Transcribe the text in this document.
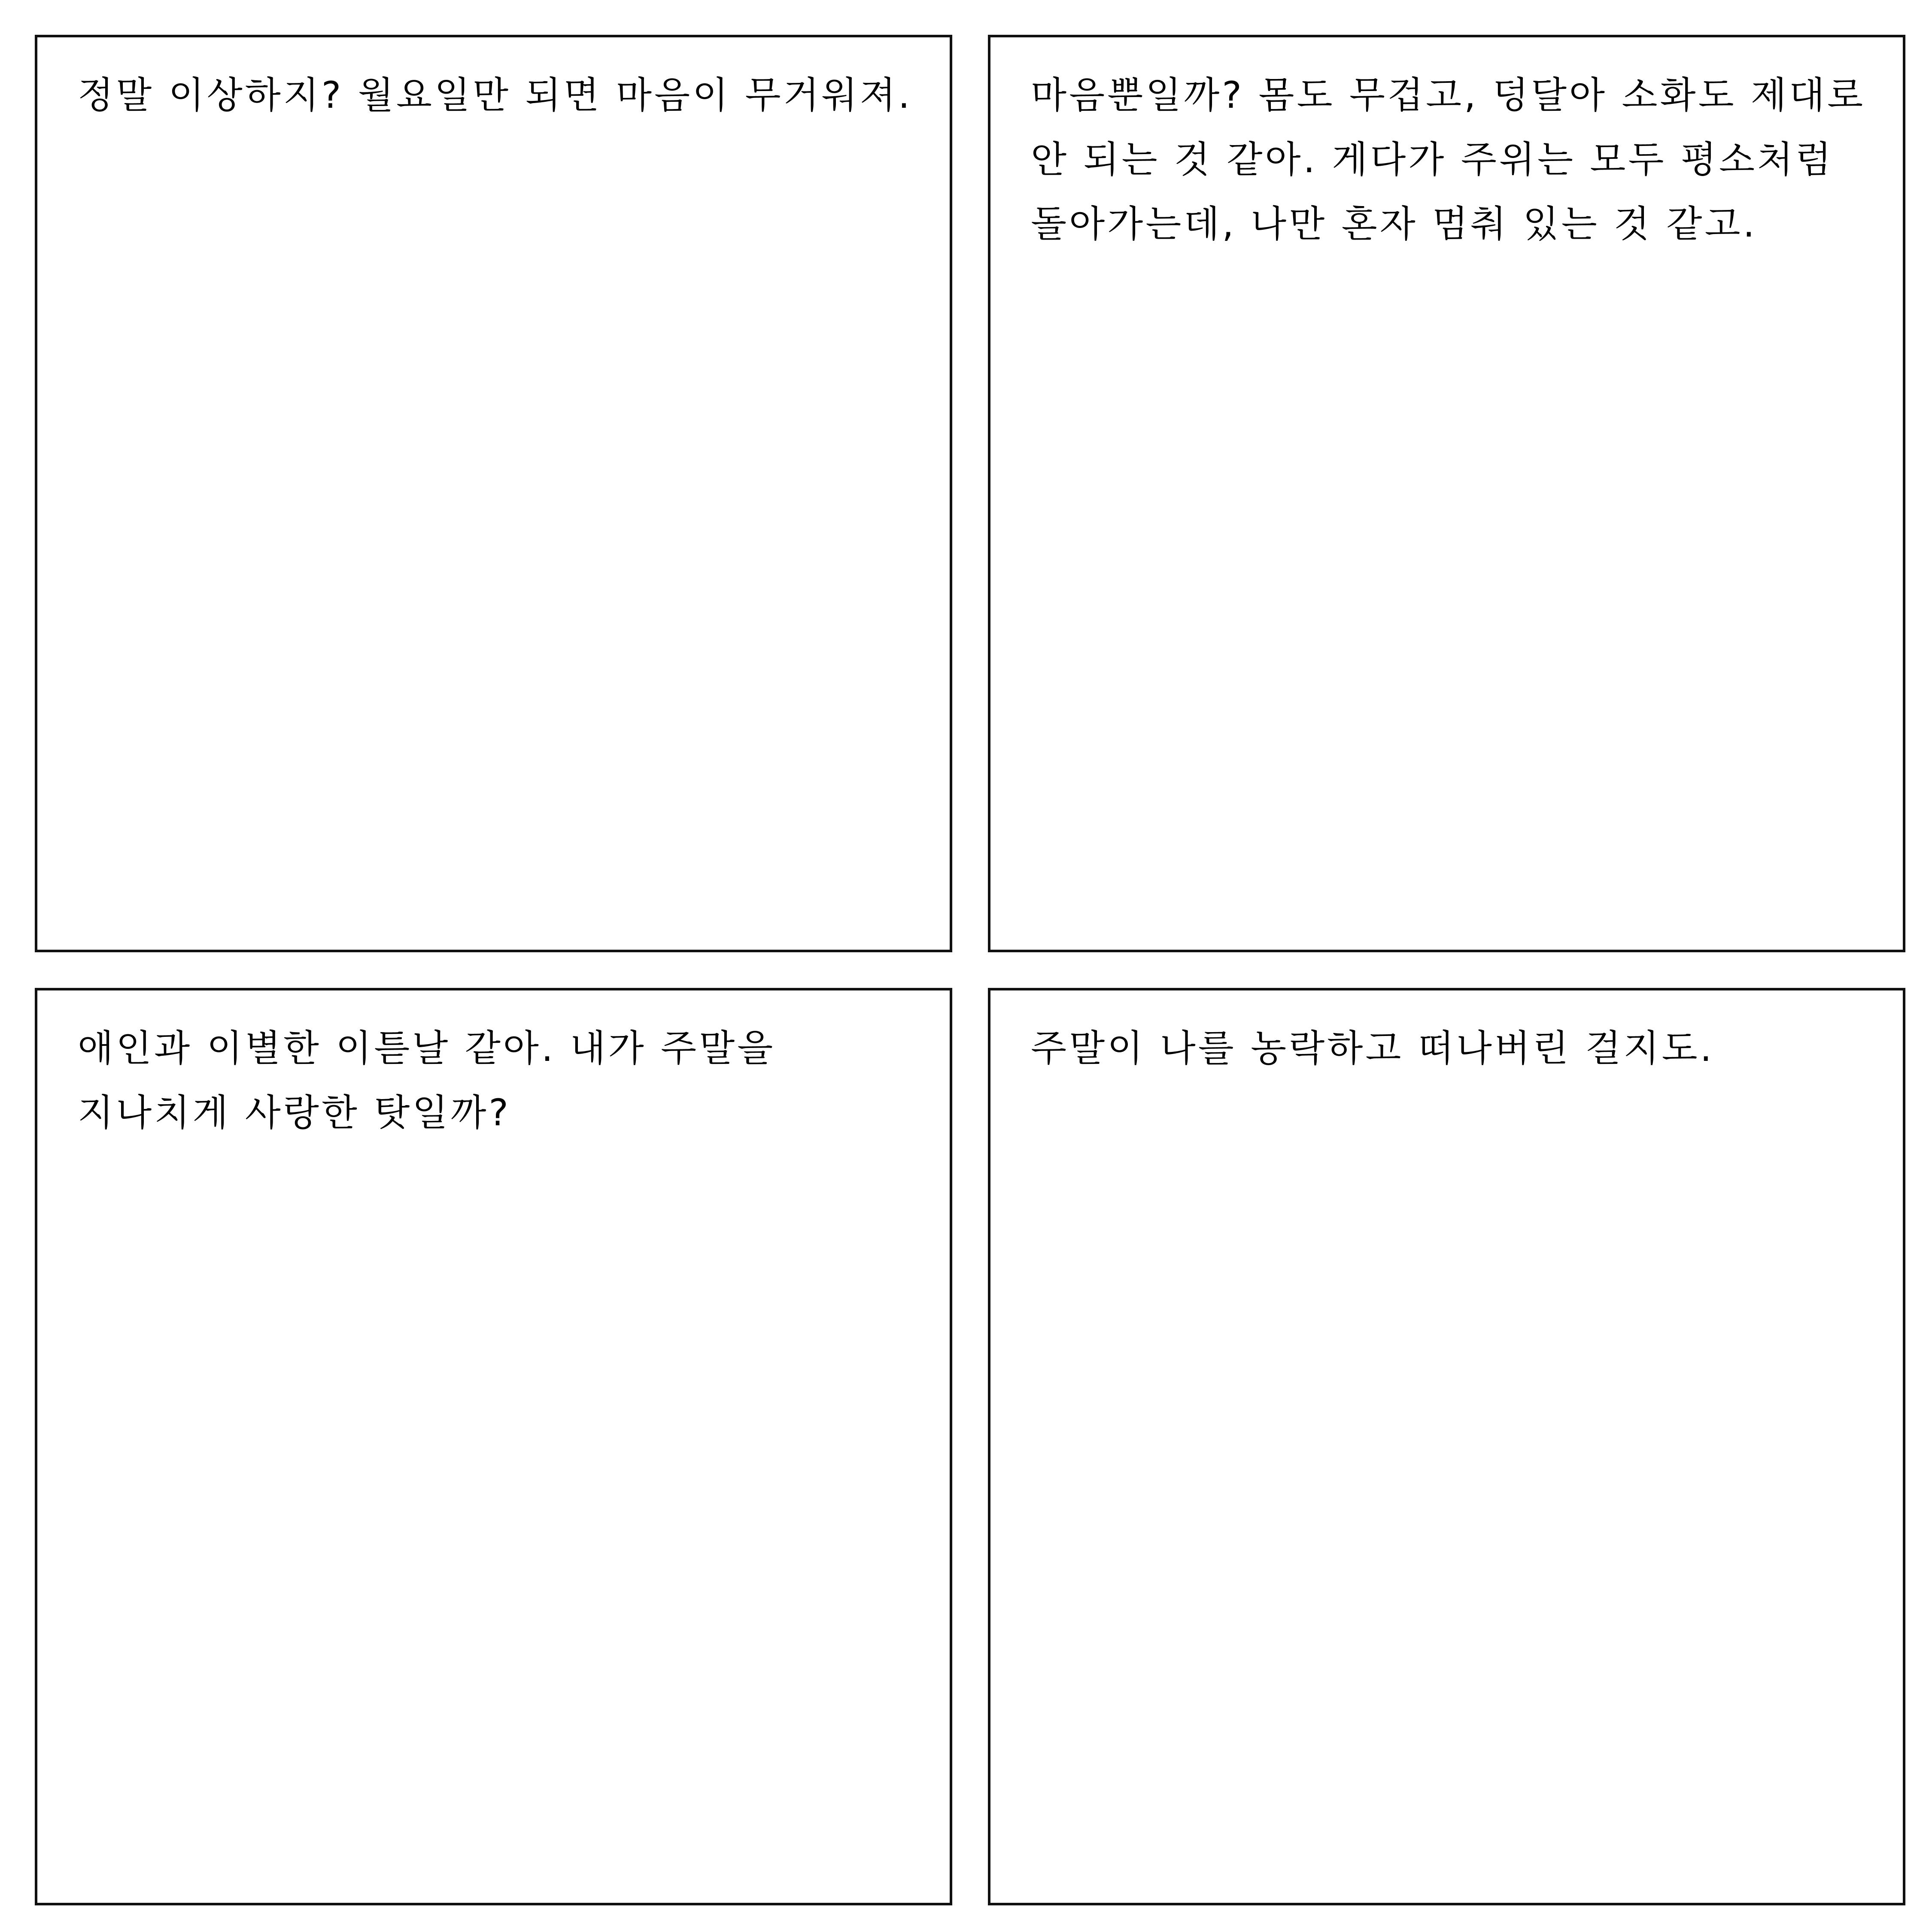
정말 이상하지? 월요일만 되면 마음이 무거워져.	마음뿐일까? 몸도 무겁고, 덩달아 소화도 제대로 안 되는 것 같아. 게다가 주위는 모두 평소처럼 돌아가는데, 나만 혼자 멈춰 있는 것 같고.

애인과 이별한 이튿날 같아. 내가 주말을 지나치게 사랑한 탓일까?

주말이 나를 농락하고 떠나버린 걸지도.
